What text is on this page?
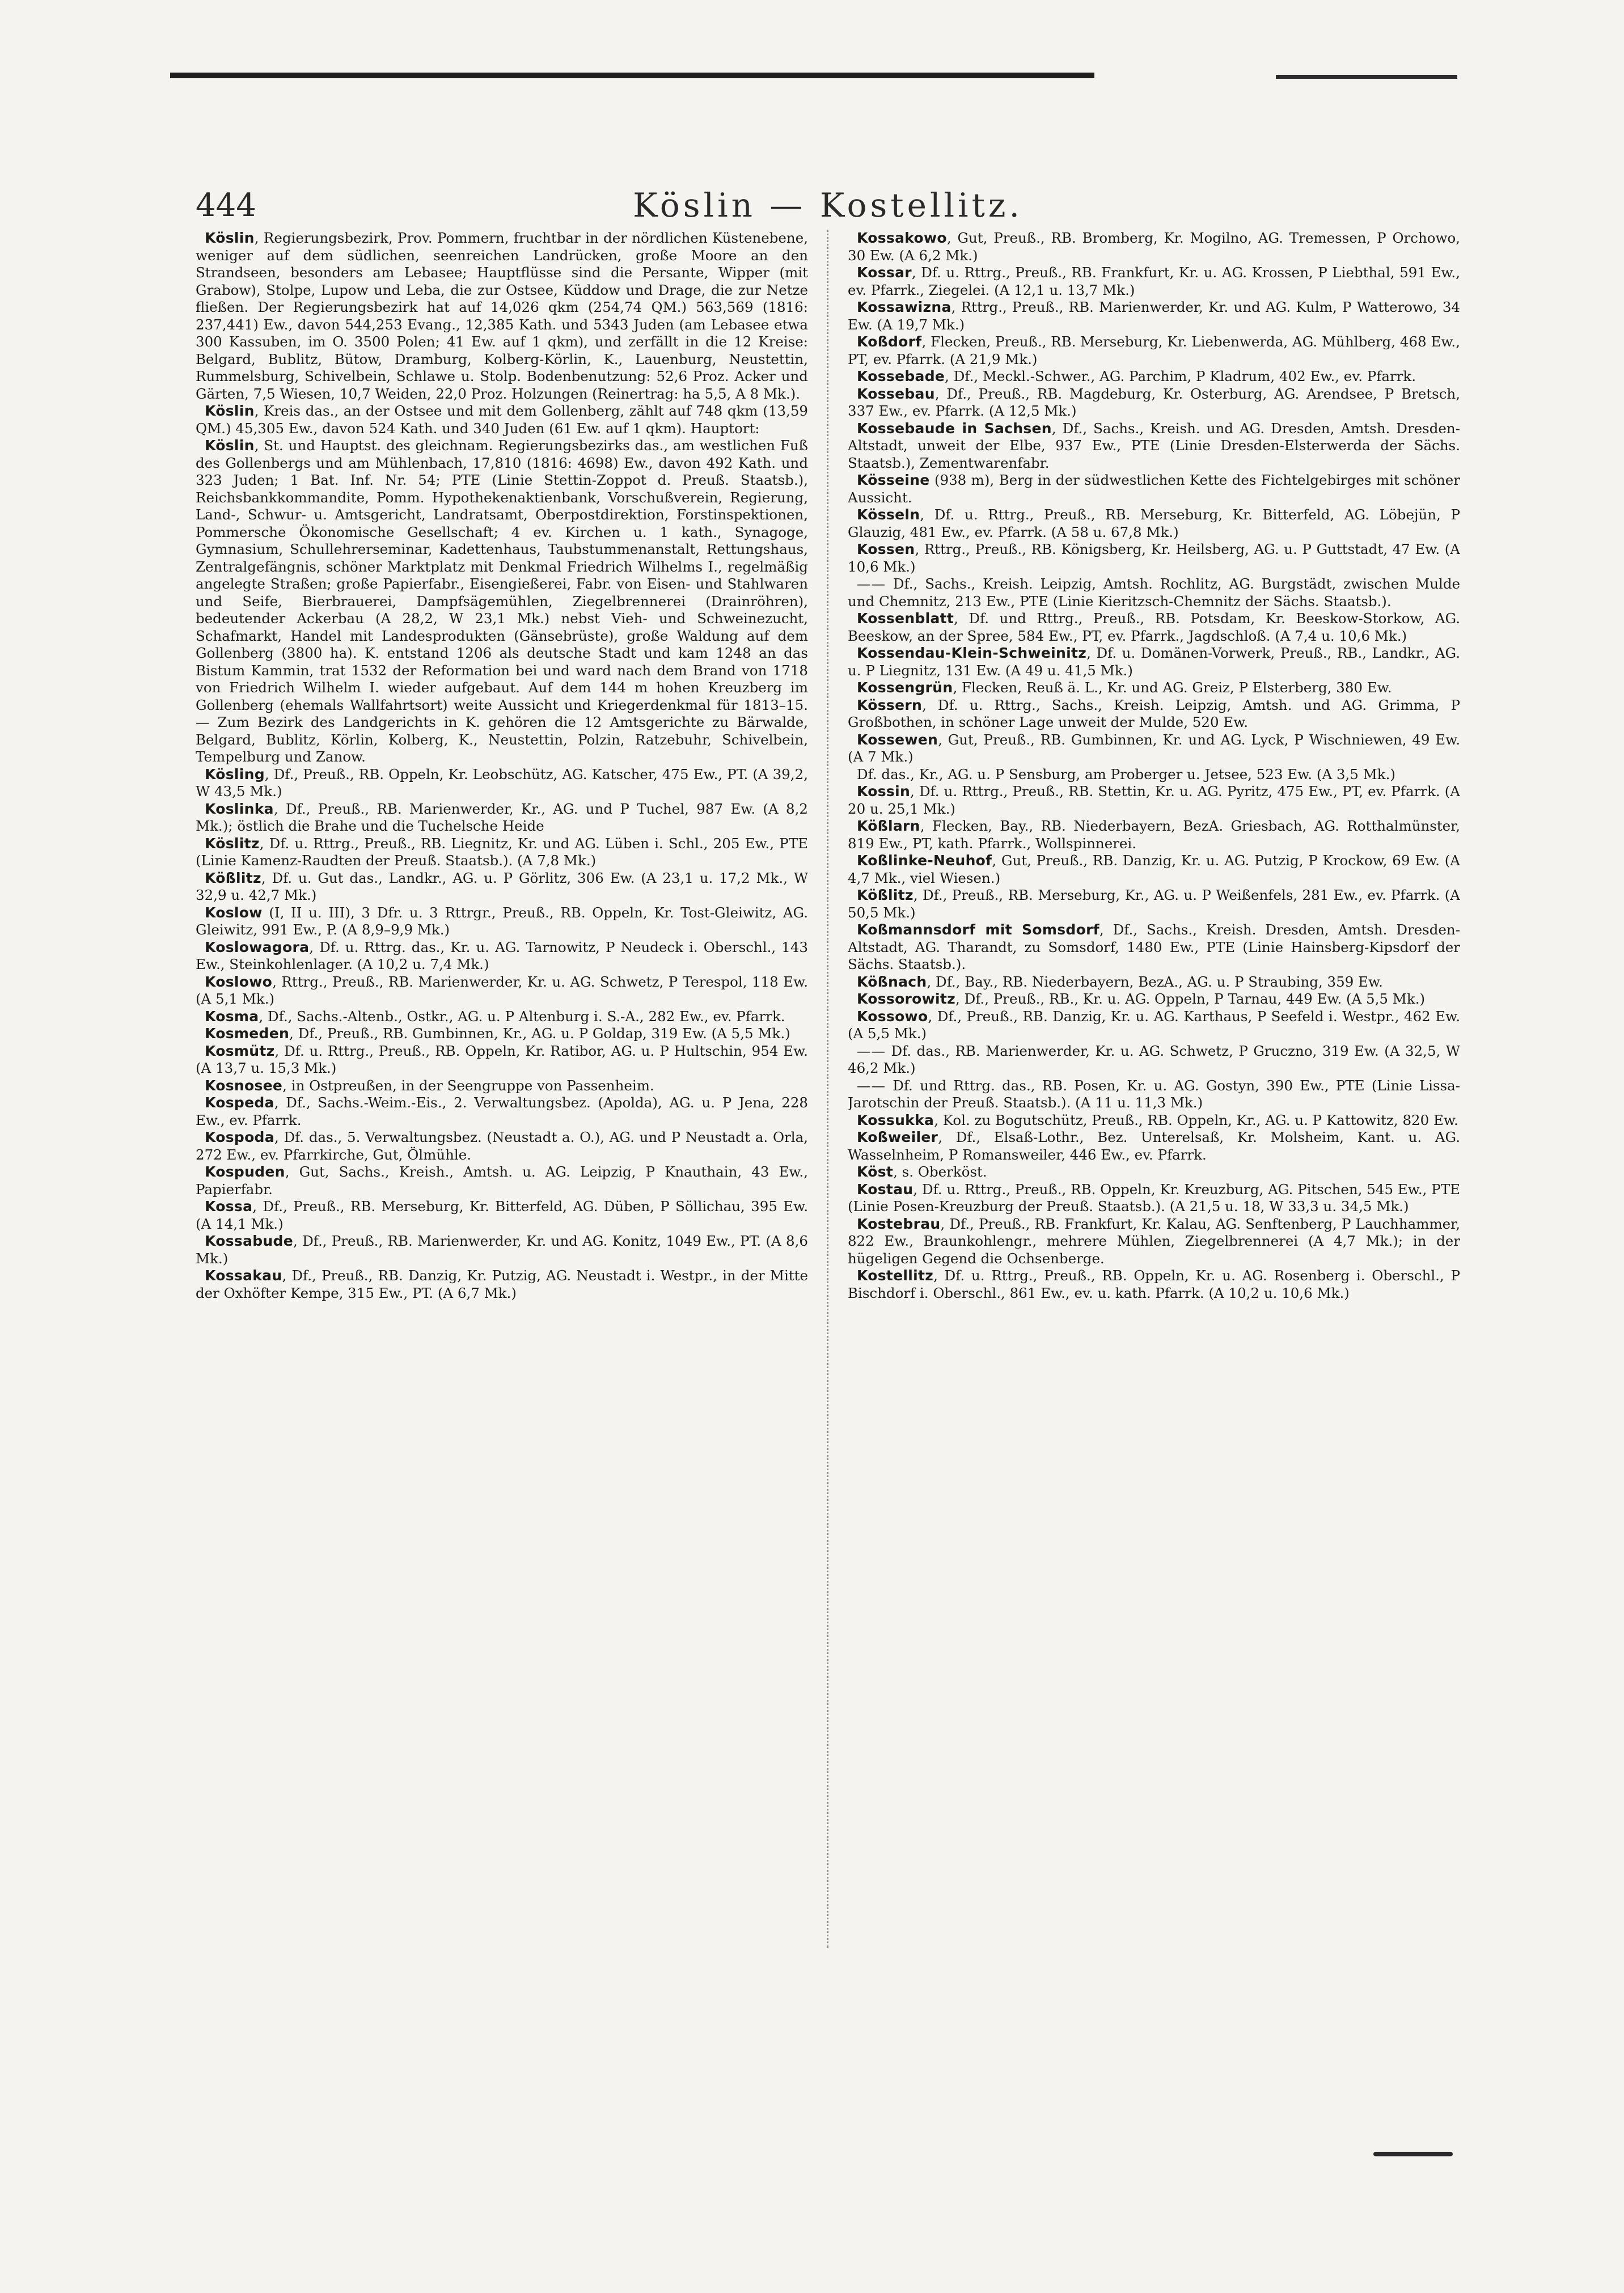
444	Köslin — Kostellitz.

Köslin, Regierungsbezirk, Prov. Pommern, fruchtbar in der nördlichen Küstenebene, weniger auf dem südlichen, seenreichen Landrücken, große Moore an den Strandseen, besonders am Lebasee; Hauptflüsse sind die Persante, Wipper (mit Grabow), Stolpe, Lupow und Leba, die zur Ostsee, Küddow und Drage, die zur Netze fließen. Der Regierungsbezirk hat auf 14,026 qkm (254,74 QM.) 563,569 (1816: 237,441) Ew., davon 544,253 Evang., 12,385 Kath. und 5343 Juden (am Lebasee etwa 300 Kassuben, im O. 3500 Polen; 41 Ew. auf 1 qkm), und zerfällt in die 12 Kreise: Belgard, Bublitz, Bütow, Dramburg, Kolberg-Körlin, K., Lauenburg, Neustettin, Rummelsburg, Schivelbein, Schlawe u. Stolp. Bodenbenutzung: 52,6 Proz. Acker und Gärten, 7,5 Wiesen, 10,7 Weiden, 22,0 Proz. Holzungen (Reinertrag: ha 5,5, A 8 Mk.).

Köslin, Kreis das., an der Ostsee und mit dem Gollenberg, zählt auf 748 qkm (13,59 QM.) 45,305 Ew., davon 524 Kath. und 340 Juden (61 Ew. auf 1 qkm). Hauptort:

Köslin, St. und Hauptst. des gleichnam. Regierungsbezirks das., am westlichen Fuß des Gollenbergs und am Mühlenbach, 17,810 (1816: 4698) Ew., davon 492 Kath. und 323 Juden; 1 Bat. Inf. Nr. 54; PTE (Linie Stettin-Zoppot d. Preuß. Staatsb.), Reichsbankkommandite, Pomm. Hypothekenaktienbank, Vorschußverein, Regierung, Land-, Schwur- u. Amtsgericht, Landratsamt, Oberpostdirektion, Forstinspektionen, Pommersche Ökonomische Gesellschaft; 4 ev. Kirchen u. 1 kath., Synagoge, Gymnasium, Schullehrerseminar, Kadettenhaus, Taubstummenanstalt, Rettungshaus, Zentralgefängnis, schöner Marktplatz mit Denkmal Friedrich Wilhelms I., regelmäßig angelegte Straßen; große Papierfabr., Eisengießerei, Fabr. von Eisen- und Stahlwaren und Seife, Bierbrauerei, Dampfsägemühlen, Ziegelbrennerei (Drainröhren), bedeutender Ackerbau (A 28,2, W 23,1 Mk.) nebst Vieh- und Schweinezucht, Schafmarkt, Handel mit Landesprodukten (Gänsebrüste), große Waldung auf dem Gollenberg (3800 ha). K. entstand 1206 als deutsche Stadt und kam 1248 an das Bistum Kammin, trat 1532 der Reformation bei und ward nach dem Brand von 1718 von Friedrich Wilhelm I. wieder aufgebaut. Auf dem 144 m hohen Kreuzberg im Gollenberg (ehemals Wallfahrtsort) weite Aussicht und Kriegerdenkmal für 1813–15. — Zum Bezirk des Landgerichts in K. gehören die 12 Amtsgerichte zu Bärwalde, Belgard, Bublitz, Körlin, Kolberg, K., Neustettin, Polzin, Ratzebuhr, Schivelbein, Tempelburg und Zanow.

Kösling, Df., Preuß., RB. Oppeln, Kr. Leobschütz, AG. Katscher, 475 Ew., PT. (A 39,2, W 43,5 Mk.)

Koslinka, Df., Preuß., RB. Marienwerder, Kr., AG. und P Tuchel, 987 Ew. (A 8,2 Mk.); östlich die Brahe und die Tuchelsche Heide

Köslitz, Df. u. Rttrg., Preuß., RB. Liegnitz, Kr. und AG. Lüben i. Schl., 205 Ew., PTE (Linie Kamenz-Raudten der Preuß. Staatsb.). (A 7,8 Mk.)

Kößlitz, Df. u. Gut das., Landkr., AG. u. P Görlitz, 306 Ew. (A 23,1 u. 17,2 Mk., W 32,9 u. 42,7 Mk.)

Koslow (I, II u. III), 3 Dfr. u. 3 Rttrgr., Preuß., RB. Oppeln, Kr. Tost-Gleiwitz, AG. Gleiwitz, 991 Ew., P. (A 8,9–9,9 Mk.)

Koslowagora, Df. u. Rttrg. das., Kr. u. AG. Tarnowitz, P Neudeck i. Oberschl., 143 Ew., Steinkohlenlager. (A 10,2 u. 7,4 Mk.)

Koslowo, Rttrg., Preuß., RB. Marienwerder, Kr. u. AG. Schwetz, P Terespol, 118 Ew. (A 5,1 Mk.)

Kosma, Df., Sachs.-Altenb., Ostkr., AG. u. P Altenburg i. S.-A., 282 Ew., ev. Pfarrk.

Kosmeden, Df., Preuß., RB. Gumbinnen, Kr., AG. u. P Goldap, 319 Ew. (A 5,5 Mk.)

Kosmütz, Df. u. Rttrg., Preuß., RB. Oppeln, Kr. Ratibor, AG. u. P Hultschin, 954 Ew. (A 13,7 u. 15,3 Mk.)

Kosnosee, in Ostpreußen, in der Seengruppe von Passenheim.

Kospeda, Df., Sachs.-Weim.-Eis., 2. Verwaltungsbez. (Apolda), AG. u. P Jena, 228 Ew., ev. Pfarrk.

Kospoda, Df. das., 5. Verwaltungsbez. (Neustadt a. O.), AG. und P Neustadt a. Orla, 272 Ew., ev. Pfarrkirche, Gut, Ölmühle.

Kospuden, Gut, Sachs., Kreish., Amtsh. u. AG. Leipzig, P Knauthain, 43 Ew., Papierfabr.

Kossa, Df., Preuß., RB. Merseburg, Kr. Bitterfeld, AG. Düben, P Söllichau, 395 Ew. (A 14,1 Mk.)

Kossabude, Df., Preuß., RB. Marienwerder, Kr. und AG. Konitz, 1049 Ew., PT. (A 8,6 Mk.)

Kossakau, Df., Preuß., RB. Danzig, Kr. Putzig, AG. Neustadt i. Westpr., in der Mitte der Oxhöfter Kempe, 315 Ew., PT. (A 6,7 Mk.)

Kossakowo, Gut, Preuß., RB. Bromberg, Kr. Mogilno, AG. Tremessen, P Orchowo, 30 Ew. (A 6,2 Mk.)

Kossar, Df. u. Rttrg., Preuß., RB. Frankfurt, Kr. u. AG. Krossen, P Liebthal, 591 Ew., ev. Pfarrk., Ziegelei. (A 12,1 u. 13,7 Mk.)

Kossawizna, Rttrg., Preuß., RB. Marienwerder, Kr. und AG. Kulm, P Watterowo, 34 Ew. (A 19,7 Mk.)

Koßdorf, Flecken, Preuß., RB. Merseburg, Kr. Liebenwerda, AG. Mühlberg, 468 Ew., PT, ev. Pfarrk. (A 21,9 Mk.)

Kossebade, Df., Meckl.-Schwer., AG. Parchim, P Kladrum, 402 Ew., ev. Pfarrk.

Kossebau, Df., Preuß., RB. Magdeburg, Kr. Osterburg, AG. Arendsee, P Bretsch, 337 Ew., ev. Pfarrk. (A 12,5 Mk.)

Kossebaude in Sachsen, Df., Sachs., Kreish. und AG. Dresden, Amtsh. Dresden-Altstadt, unweit der Elbe, 937 Ew., PTE (Linie Dresden-Elsterwerda der Sächs. Staatsb.), Zementwarenfabr.

Kösseine (938 m), Berg in der südwestlichen Kette des Fichtelgebirges mit schöner Aussicht.

Kösseln, Df. u. Rttrg., Preuß., RB. Merseburg, Kr. Bitterfeld, AG. Löbejün, P Glauzig, 481 Ew., ev. Pfarrk. (A 58 u. 67,8 Mk.)

Kossen, Rttrg., Preuß., RB. Königsberg, Kr. Heilsberg, AG. u. P Guttstadt, 47 Ew. (A 10,6 Mk.)

—— Df., Sachs., Kreish. Leipzig, Amtsh. Rochlitz, AG. Burgstädt, zwischen Mulde und Chemnitz, 213 Ew., PTE (Linie Kieritzsch-Chemnitz der Sächs. Staatsb.).

Kossenblatt, Df. und Rttrg., Preuß., RB. Potsdam, Kr. Beeskow-Storkow, AG. Beeskow, an der Spree, 584 Ew., PT, ev. Pfarrk., Jagdschloß. (A 7,4 u. 10,6 Mk.)

Kossendau-Klein-Schweinitz, Df. u. Domänen-Vorwerk, Preuß., RB., Landkr., AG. u. P Liegnitz, 131 Ew. (A 49 u. 41,5 Mk.)

Kossengrün, Flecken, Reuß ä. L., Kr. und AG. Greiz, P Elsterberg, 380 Ew.

Kössern, Df. u. Rttrg., Sachs., Kreish. Leipzig, Amtsh. und AG. Grimma, P Großbothen, in schöner Lage unweit der Mulde, 520 Ew.

Kossewen, Gut, Preuß., RB. Gumbinnen, Kr. und AG. Lyck, P Wischniewen, 49 Ew. (A 7 Mk.)

Df. das., Kr., AG. u. P Sensburg, am Proberger u. Jetsee, 523 Ew. (A 3,5 Mk.)

Kossin, Df. u. Rttrg., Preuß., RB. Stettin, Kr. u. AG. Pyritz, 475 Ew., PT, ev. Pfarrk. (A 20 u. 25,1 Mk.)

Kößlarn, Flecken, Bay., RB. Niederbayern, BezA. Griesbach, AG. Rotthalmünster, 819 Ew., PT, kath. Pfarrk., Wollspinnerei.

Koßlinke-Neuhof, Gut, Preuß., RB. Danzig, Kr. u. AG. Putzig, P Krockow, 69 Ew. (A 4,7 Mk., viel Wiesen.)

Kößlitz, Df., Preuß., RB. Merseburg, Kr., AG. u. P Weißenfels, 281 Ew., ev. Pfarrk. (A 50,5 Mk.)

Koßmannsdorf mit Somsdorf, Df., Sachs., Kreish. Dresden, Amtsh. Dresden-Altstadt, AG. Tharandt, zu Somsdorf, 1480 Ew., PTE (Linie Hainsberg-Kipsdorf der Sächs. Staatsb.).

Kößnach, Df., Bay., RB. Niederbayern, BezA., AG. u. P Straubing, 359 Ew.

Kossorowitz, Df., Preuß., RB., Kr. u. AG. Oppeln, P Tarnau, 449 Ew. (A 5,5 Mk.)

Kossowo, Df., Preuß., RB. Danzig, Kr. u. AG. Karthaus, P Seefeld i. Westpr., 462 Ew. (A 5,5 Mk.)

—— Df. das., RB. Marienwerder, Kr. u. AG. Schwetz, P Gruczno, 319 Ew. (A 32,5, W 46,2 Mk.)

—— Df. und Rttrg. das., RB. Posen, Kr. u. AG. Gostyn, 390 Ew., PTE (Linie Lissa-Jarotschin der Preuß. Staatsb.). (A 11 u. 11,3 Mk.)

Kossukka, Kol. zu Bogutschütz, Preuß., RB. Oppeln, Kr., AG. u. P Kattowitz, 820 Ew.

Koßweiler, Df., Elsaß-Lothr., Bez. Unterelsaß, Kr. Molsheim, Kant. u. AG. Wasselnheim, P Romansweiler, 446 Ew., ev. Pfarrk.

Köst, s. Oberköst.

Kostau, Df. u. Rttrg., Preuß., RB. Oppeln, Kr. Kreuzburg, AG. Pitschen, 545 Ew., PTE (Linie Posen-Kreuzburg der Preuß. Staatsb.). (A 21,5 u. 18, W 33,3 u. 34,5 Mk.)

Kostebrau, Df., Preuß., RB. Frankfurt, Kr. Kalau, AG. Senftenberg, P Lauchhammer, 822 Ew., Braunkohlengr., mehrere Mühlen, Ziegelbrennerei (A 4,7 Mk.); in der hügeligen Gegend die Ochsenberge.

Kostellitz, Df. u. Rttrg., Preuß., RB. Oppeln, Kr. u. AG. Rosenberg i. Oberschl., P Bischdorf i. Oberschl., 861 Ew., ev. u. kath. Pfarrk. (A 10,2 u. 10,6 Mk.)
